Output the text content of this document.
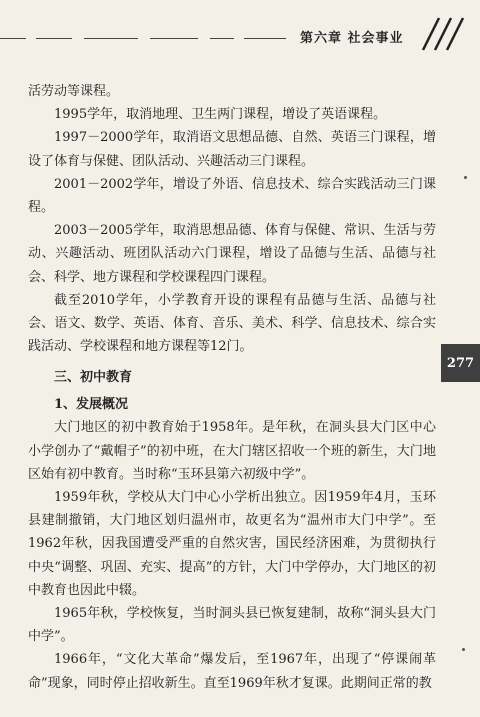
第六章 社会事业
277

活劳动等课程。

1995学年，取消地理、卫生两门课程，增设了英语课程。

1997－2000学年，取消语文思想品德、自然、英语三门课程，增设了体育与保健、团队活动、兴趣活动三门课程。

2001－2002学年，增设了外语、信息技术、综合实践活动三门课程。

2003－2005学年，取消思想品德、体育与保健、常识、生活与劳动、兴趣活动、班团队活动六门课程，增设了品德与生活、品德与社会、科学、地方课程和学校课程四门课程。

截至2010学年，小学教育开设的课程有品德与生活、品德与社会、语文、数学、英语、体育、音乐、美术、科学、信息技术、综合实践活动、学校课程和地方课程等12门。

三、初中教育

1、发展概况

大门地区的初中教育始于1958年。是年秋，在洞头县大门区中心小学创办了“戴帽子”的初中班，在大门辖区招收一个班的新生，大门地区始有初中教育。当时称“玉环县第六初级中学”。

1959年秋，学校从大门中心小学析出独立。因1959年4月，玉环县建制撤销，大门地区划归温州市，故更名为“温州市大门中学”。至1962年秋，因我国遭受严重的自然灾害，国民经济困难，为贯彻执行中央“调整、巩固、充实、提高”的方针，大门中学停办，大门地区的初中教育也因此中辍。

1965年秋，学校恢复，当时洞头县已恢复建制，故称“洞头县大门中学”。

1966年，“文化大革命”爆发后，至1967年，出现了“停课闹革命”现象，同时停止招收新生。直至1969年秋才复课。此期间正常的教
